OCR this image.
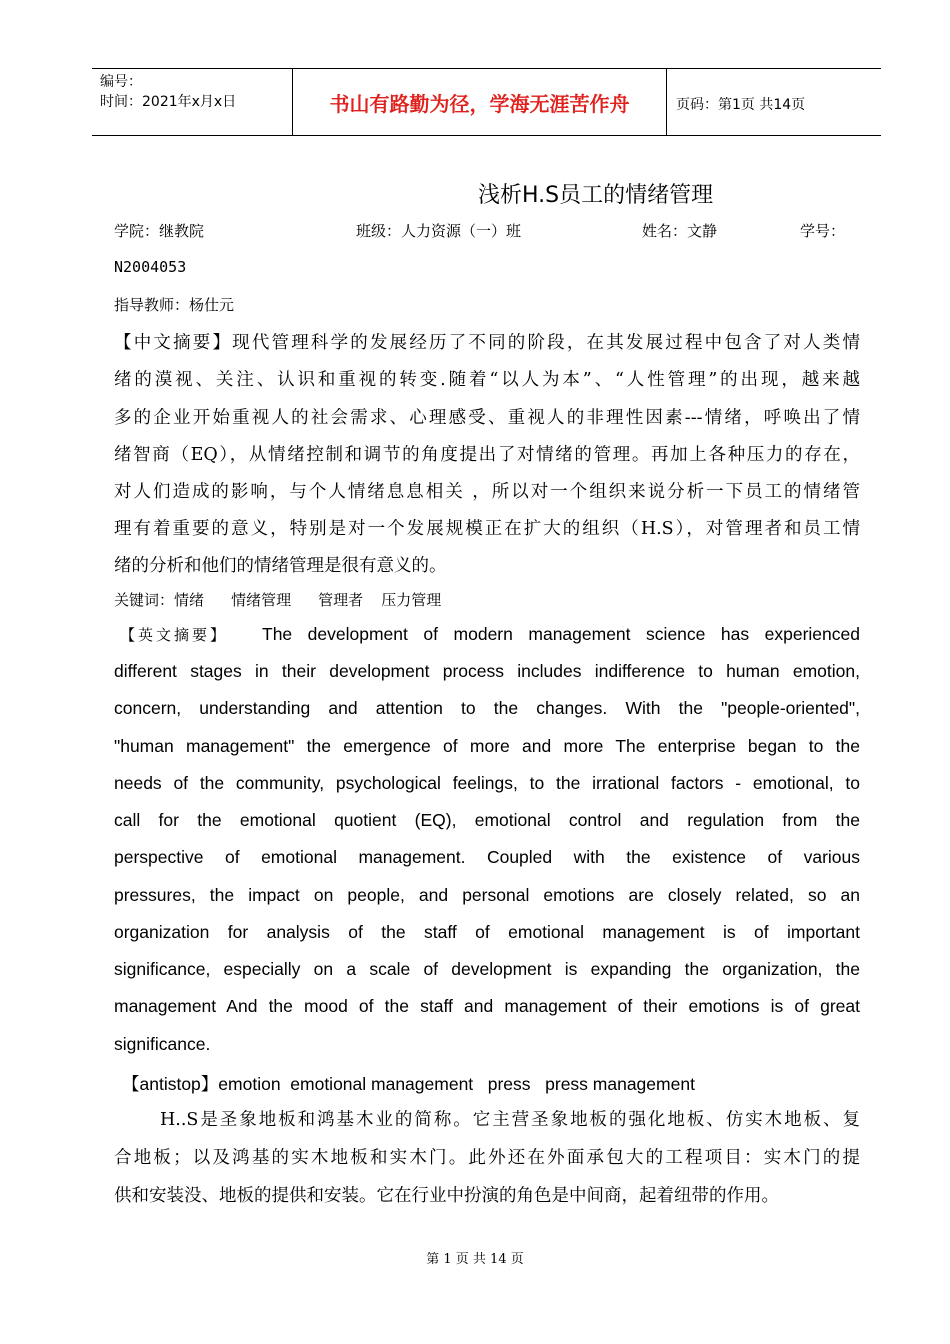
编号：
时间：2021年x月x日	书山有路勤为径，学海无涯苦作舟	页码：第1页 共14页
浅析H.S员工的情绪管理
学院：继教院	班级：人力资源（一）班	姓名：文静	学号：
N2004053
指导教师：杨仕元
【中文摘要】现代管理科学的发展经历了不同的阶段，在其发展过程中包含了对人类情
绪的漠视、关注、认识和重视的转变.随着“以人为本”、“人性管理”的出现，越来越
多的企业开始重视人的社会需求、心理感受、重视人的非理性因素---情绪，呼唤出了情
绪智商（EQ），从情绪控制和调节的角度提出了对情绪的管理。再加上各种压力的存在，
对人们造成的影响，与个人情绪息息相关 ，所以对一个组织来说分析一下员工的情绪管
理有着重要的意义，特别是对一个发展规模正在扩大的组织（H.S），对管理者和员工情
绪的分析和他们的情绪管理是很有意义的。
关键词：情绪   情绪管理   管理者  压力管理
【英文摘要】 The development of modern management science has experienced
different stages in their development process includes indifference to human emotion,
concern, understanding and attention to the changes. With the "people-oriented",
"human management" the emergence of more and more The enterprise began to the
needs of the community, psychological feelings, to the irrational factors - emotional, to
call for the emotional quotient (EQ), emotional control and regulation from the
perspective of emotional management. Coupled with the existence of various
pressures, the impact on people, and personal emotions are closely related, so an
organization for analysis of the staff of emotional management is of important
significance, especially on a scale of development is expanding the organization, the
management And the mood of the staff and management of their emotions is of great
significance.
【antistop】emotion  emotional management   press   press management
H..S是圣象地板和鸿基木业的简称。它主营圣象地板的强化地板、仿实木地板、复
合地板；以及鸿基的实木地板和实木门。此外还在外面承包大的工程项目：实木门的提
供和安装没、地板的提供和安装。它在行业中扮演的角色是中间商，起着纽带的作用。
第 1 页 共 14 页
